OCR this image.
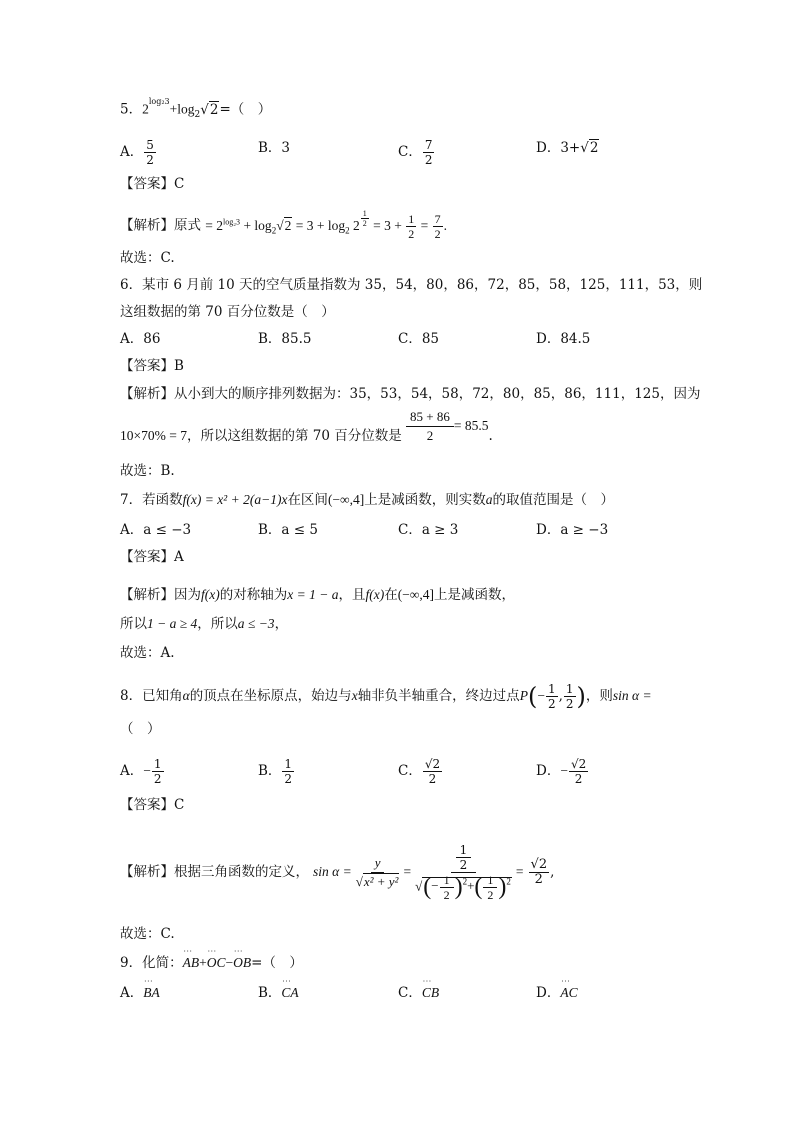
5．$2^{log_23}+\log_2√2=$（　）
A． $\frac{5}{2}$	B．3	C． $\frac{7}{2}$	D．3+√2
【答案】C
【解析】原式 = $2^{log_23} + \log_2√2 = 3 + \log_2 2 \frac{1}{2} = 3 + \frac{1}{2} = \frac{7}{2}$ .
故选：C.
6．某市 6 月前 10 天的空气质量指数为 35，54，80，86，72，85，58，125，111，53，则
这组数据的第 70 百分位数是（　）
A．86	B．85.5	C．85	D．84.5
【答案】B
【解析】从小到大的顺序排列数据为：35，53，54，58，72，80，85，86，111，125，因为
10×70% = 7，所以这组数据的第 70 百分位数是 $\frac{85 + 86}{2} = 85.5$.
故选：B.
7．若函数f(x) = x² + 2(a−1)x在区间(−∞,4]上是减函数，则实数a的取值范围是（　）
A．a ≤ −3	B．a ≤ 5	C．a ≥ 3	D．a ≥ −3
【答案】A
【解析】因为f(x)的对称轴为x = 1 − a，且f(x)在(−∞,4]上是减函数，
所以1 − a ≥ 4，所以a ≤ −3，
故选：A.
8．已知角α的顶点在坐标原点，始边与x轴非负半轴重合，终边过点$P(- \frac{1}{2}$ , $\frac{1}{2}$ )，则sin α =
（　）
A．− $\frac{1}{2}$	B． $\frac{1}{2}$	C． $\frac{√2}{2}$	D．− $\frac{√2}{2}$
【答案】C
【解析】根据三角函数的定义， $\sin \alpha = \frac{y}{\text{√x² + y²}} = \frac{\frac{1}{2}}{√(- \frac{1}{2} )^2+( \frac{1}{2} )^2} = \frac{√2}{2}$ ,
故选：C.
9．化简：˙˙˙ AB+˙˙˙ OC−˙˙˙ OB=（　）
A．˙˙˙ BA	B．˙˙˙ CA	C．˙˙˙ CB	D．˙˙˙ AC
